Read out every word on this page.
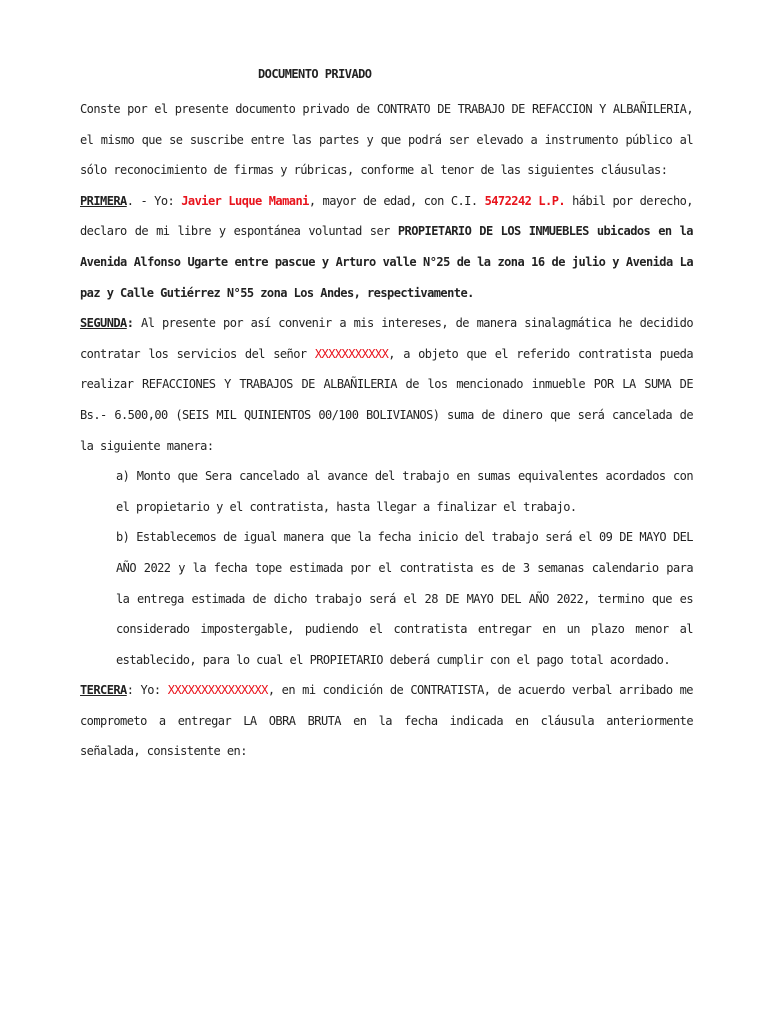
DOCUMENTO PRIVADO

Conste por el presente documento privado de CONTRATO DE TRABAJO DE REFACCION Y ALBAÑILERIA, el mismo que se suscribe entre las partes y que podrá ser elevado a instrumento público al sólo reconocimiento de firmas y rúbricas, conforme al tenor de las siguientes cláusulas:

PRIMERA. - Yo: Javier Luque Mamani, mayor de edad, con C.I. 5472242 L.P. hábil por derecho, declaro de mi libre y espontánea voluntad ser PROPIETARIO DE LOS INMUEBLES ubicados en la Avenida Alfonso Ugarte entre pascue y Arturo valle N°25 de la zona 16 de julio y Avenida La paz y Calle Gutiérrez N°55 zona Los Andes, respectivamente.

SEGUNDA: Al presente por así convenir a mis intereses, de manera sinalagmática he decidido contratar los servicios del señor XXXXXXXXXXX, a objeto que el referido contratista pueda realizar REFACCIONES Y TRABAJOS DE ALBAÑILERIA de los mencionado inmueble POR LA SUMA DE Bs.- 6.500,00 (SEIS MIL QUINIENTOS 00/100 BOLIVIANOS) suma de dinero que será cancelada de la siguiente manera:

a) Monto que Sera cancelado al avance del trabajo en sumas equivalentes acordados con el propietario y el contratista, hasta llegar a finalizar el trabajo.

b) Establecemos de igual manera que la fecha inicio del trabajo será el 09 DE MAYO DEL AÑO 2022 y la fecha tope estimada por el contratista es de 3 semanas calendario para la entrega estimada de dicho trabajo será el 28 DE MAYO DEL AÑO 2022, termino que es considerado impostergable, pudiendo el contratista entregar en un plazo menor al establecido, para lo cual el PROPIETARIO deberá cumplir con el pago total acordado.

TERCERA: Yo: XXXXXXXXXXXXXXX, en mi condición de CONTRATISTA, de acuerdo verbal arribado me comprometo a entregar LA OBRA BRUTA en la fecha indicada en cláusula anteriormente señalada, consistente en:
